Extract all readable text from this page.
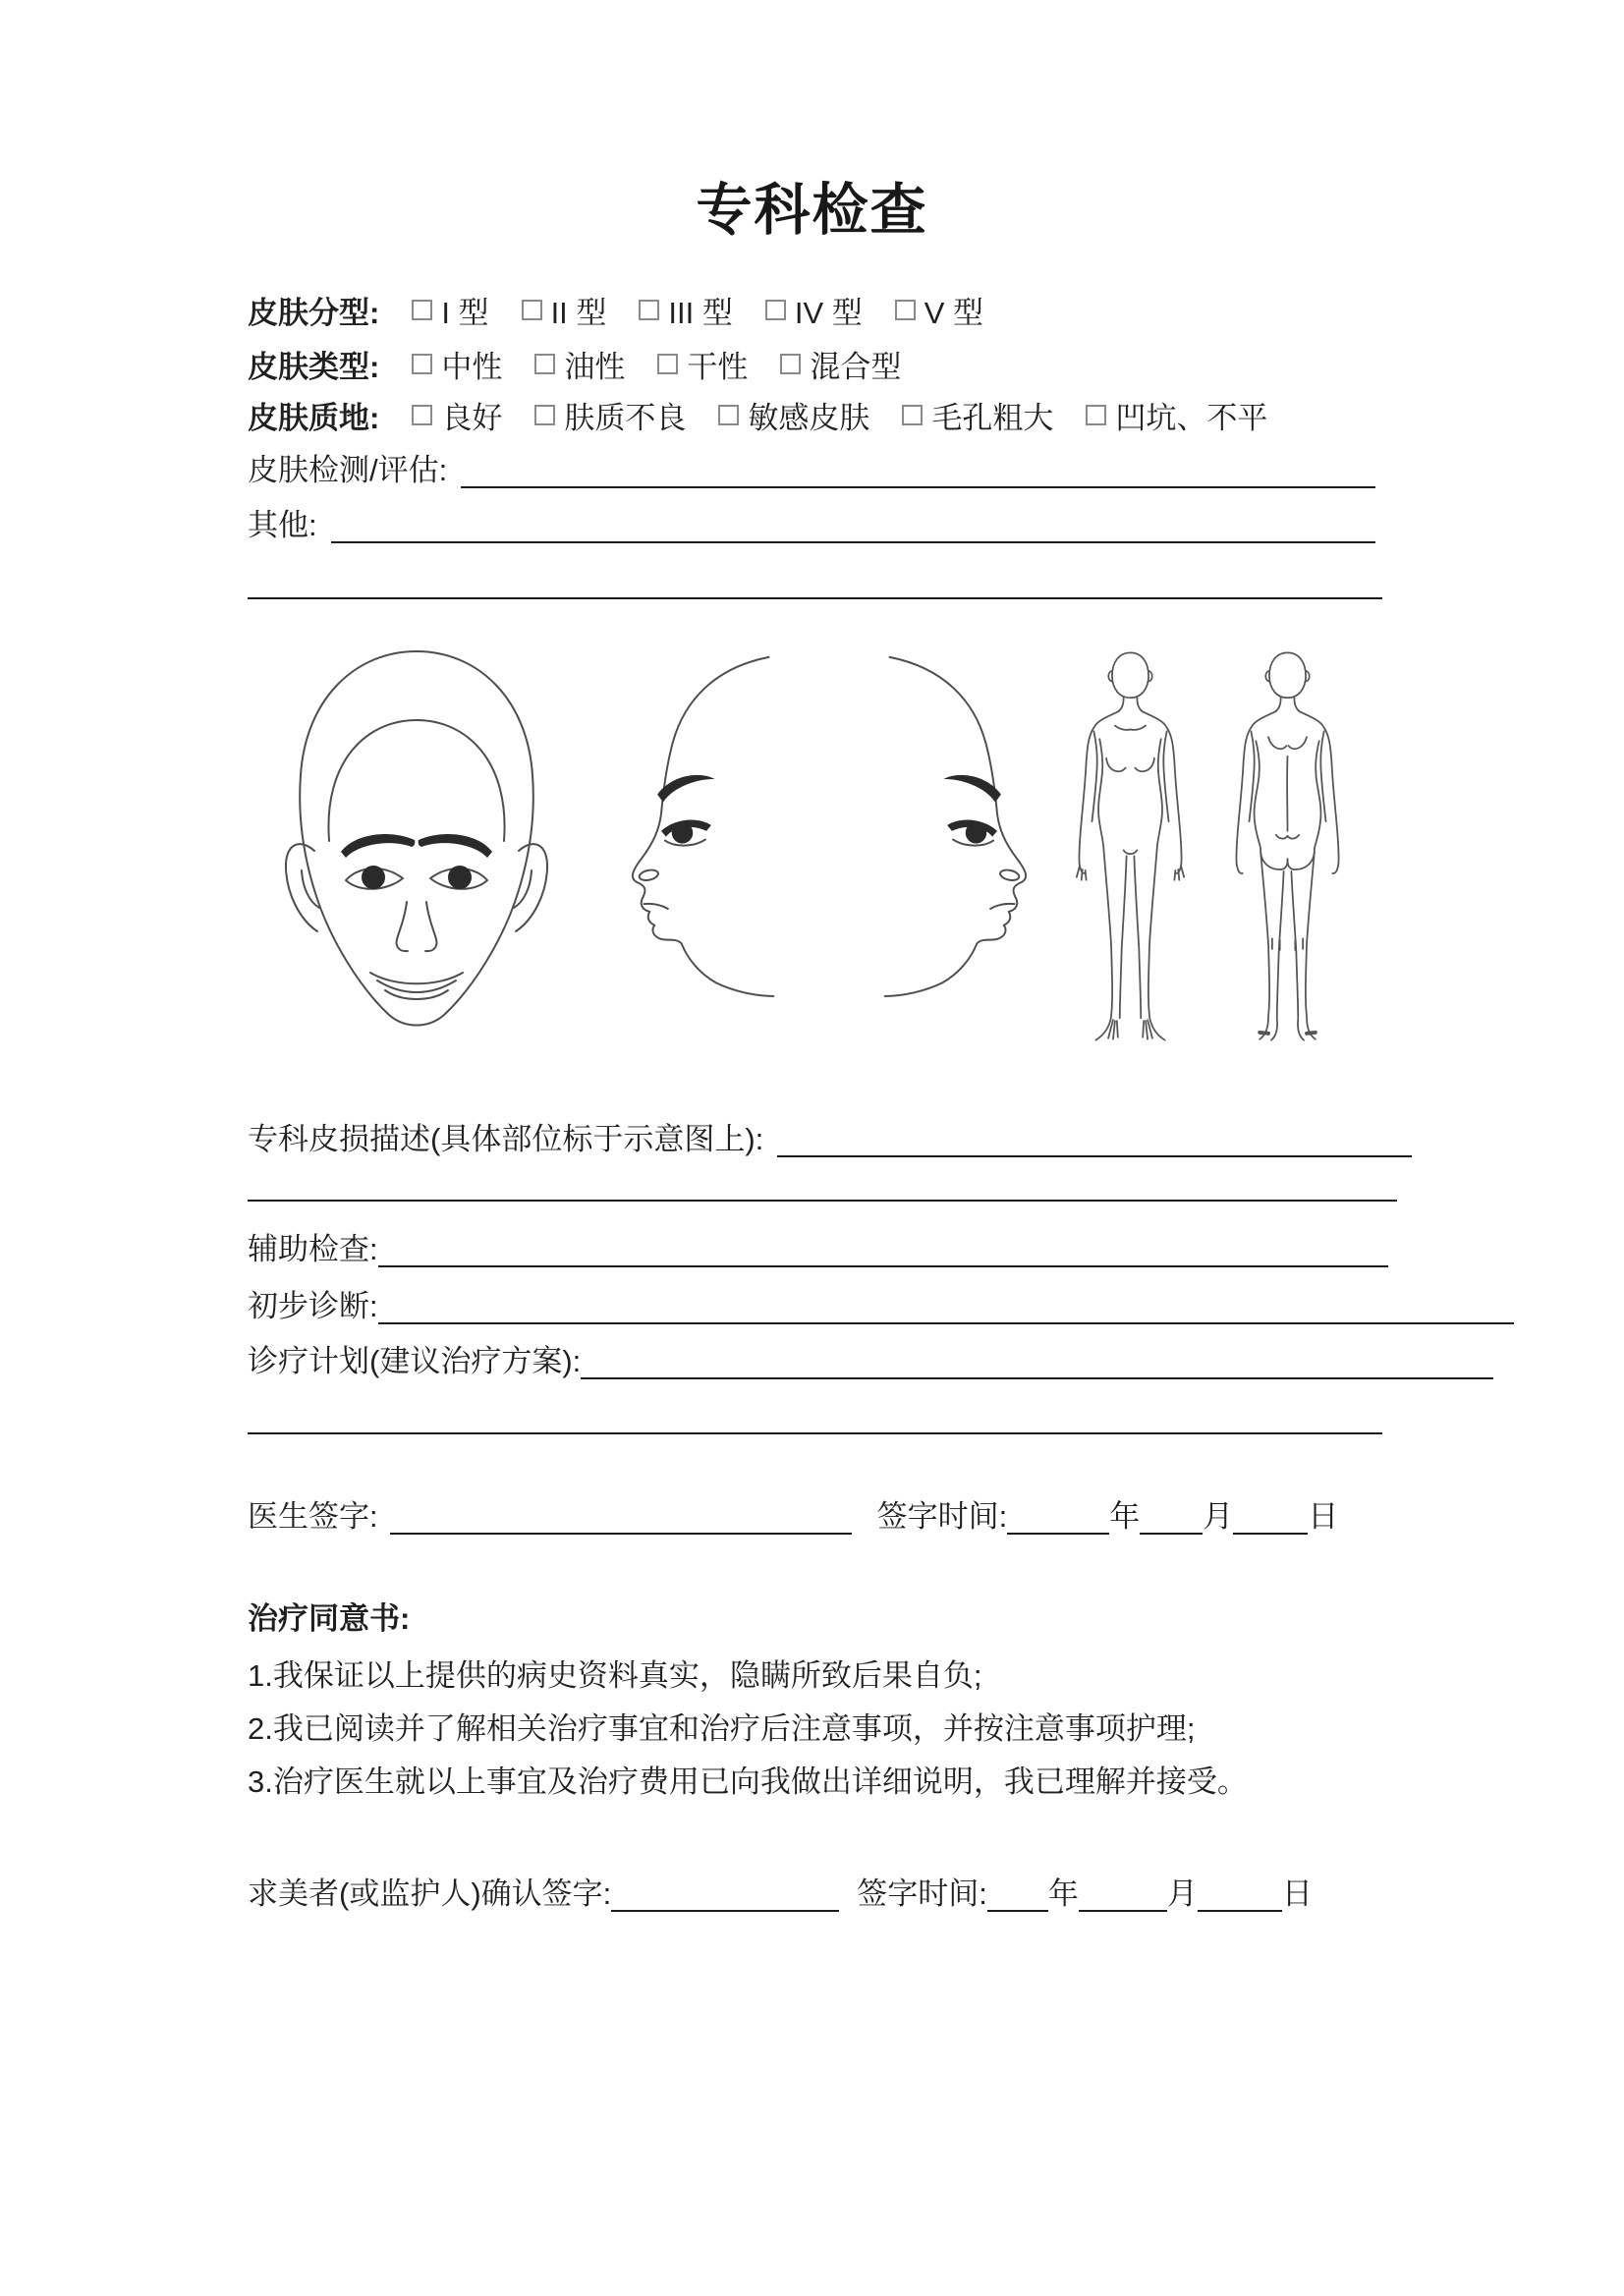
专科检查
皮肤分型: I 型 II 型 III 型 IV 型 V 型
皮肤类型: 中性 油性 干性 混合型
皮肤质地: 良好 肤质不良 敏感皮肤 毛孔粗大 凹坑、不平
皮肤检测/评估:
其他:
专科皮损描述(具体部位标于示意图上):
辅助检查:
初步诊断:
诊疗计划(建议治疗方案):
医生签字:	签字时间:	年 月 日
治疗同意书:
1.我保证以上提供的病史资料真实，隐瞒所致后果自负;
2.我已阅读并了解相关治疗事宜和治疗后注意事项，并按注意事项护理;
3.治疗医生就以上事宜及治疗费用已向我做出详细说明，我已理解并接受。
求美者(或监护人)确认签字:	签字时间: 年	月	日
